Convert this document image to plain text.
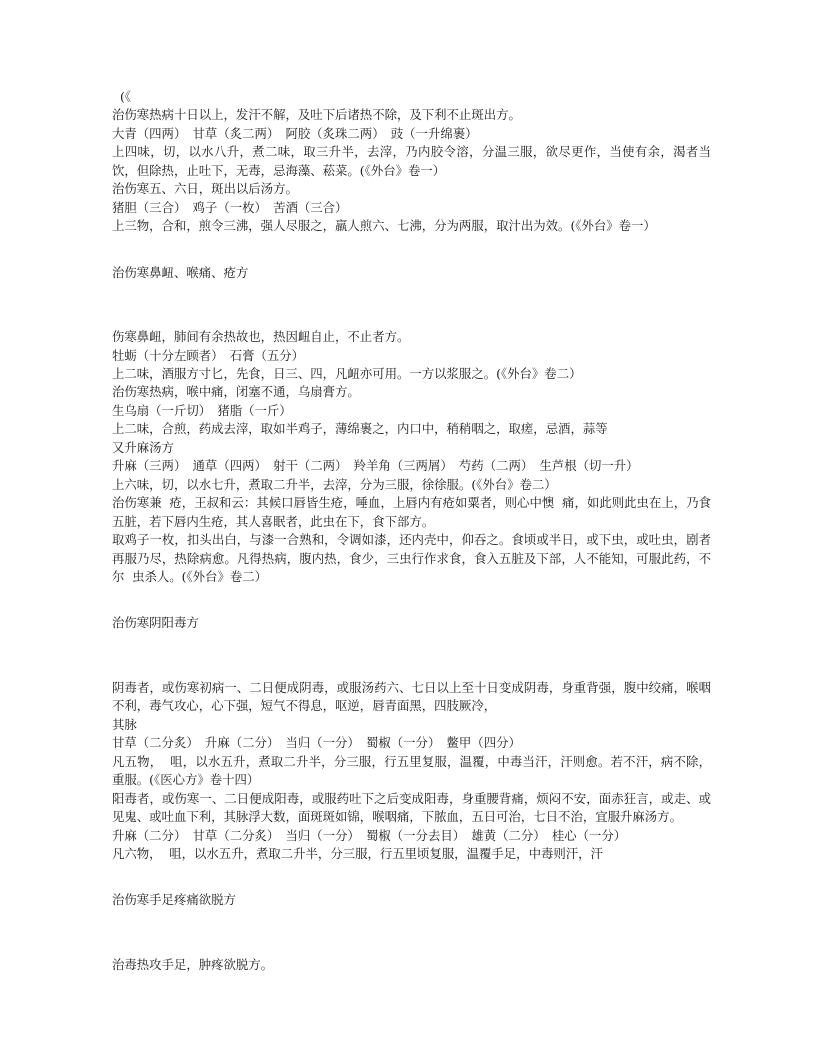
(《

治伤寒热病十日以上，发汗不解，及吐下后诸热不除，及下利不止斑出方。

大青（四两）　甘草（炙二两）　阿胶（炙珠二两）　豉（一升绵裹）

上四味，切，以水八升，煮二味，取三升半，去滓，乃内胶令溶，分温三服，欲尽更作，当使有余，渴者当饮，但除热，止吐下，无毒，忌海藻、菘菜。(《外台》卷一）

治伤寒五、六日，斑出以后汤方。

猪胆（三合）　鸡子（一枚）　苦酒（三合）

上三物，合和，煎令三沸，强人尽服之，羸人煎六、七沸，分为两服，取汁出为效。(《外台》卷一）

治伤寒鼻衄、喉痛、疮方

伤寒鼻衄，肺间有余热故也，热因衄自止，不止者方。

牡蛎（十分左顾者）　石膏（五分）

上二味，酒服方寸匕，先食，日三、四，凡衄亦可用。一方以浆服之。(《外台》卷二）

治伤寒热病，喉中痛，闭塞不通，乌扇膏方。

生乌扇（一斤切）　猪脂（一斤）

上二味，合煎，药成去滓，取如半鸡子，薄绵裹之，内口中，稍稍咽之，取瘥，忌酒，蒜等

又升麻汤方

升麻（三两）　通草（四两）　射干（二两）　羚羊角（三两屑）　芍药（二两）　生芦根（切一升）

上六味，切，以水七升，煮取二升半，去滓，分为三服，徐徐服。(《外台》卷二）

治伤寒兼 疮，王叔和云：其候口唇皆生疮，唾血，上唇内有疮如粟者，则心中懊 痛，如此则此虫在上，乃食五脏，若下唇内生疮，其人喜眠者，此虫在下，食下部方。

取鸡子一枚，扣头出白，与漆一合熟和，令调如漆，还内壳中，仰吞之。食顷或半日，或下虫，或吐虫，剧者再服乃尽，热除病愈。凡得热病，腹内热，食少，三虫行作求食，食入五脏及下部，人不能知，可服此药，不尔 虫杀人。(《外台》卷二）

治伤寒阴阳毒方

阴毒者，或伤寒初病一、二日便成阴毒，或服汤药六、七日以上至十日变成阴毒，身重背强，腹中绞痛，喉咽不利，毒气攻心，心下强，短气不得息，呕逆，唇青面黑，四肢厥冷，

其脉

甘草（二分炙）　升麻（二分）　当归（一分）　蜀椒（一分）　鳖甲（四分）

凡五物， 咀，以水五升，煮取二升半，分三服，行五里复服，温覆，中毒当汗，汗则愈。若不汗，病不除，重服。(《医心方》卷十四）

阳毒者，或伤寒一、二日便成阳毒，或服药吐下之后变成阳毒，身重腰背痛，烦闷不安，面赤狂言，或走、或见鬼、或吐血下利，其脉浮大数，面斑斑如锦，喉咽痛，下脓血，五日可治，七日不治，宜服升麻汤方。

升麻（二分）　甘草（二分炙）　当归（一分）　蜀椒（一分去目）　雄黄（二分）　桂心（一分）

凡六物， 咀，以水五升，煮取二升半，分三服，行五里顷复服，温覆手足，中毒则汗，汗

治伤寒手足疼痛欲脱方

治毒热攻手足，肿疼欲脱方。
